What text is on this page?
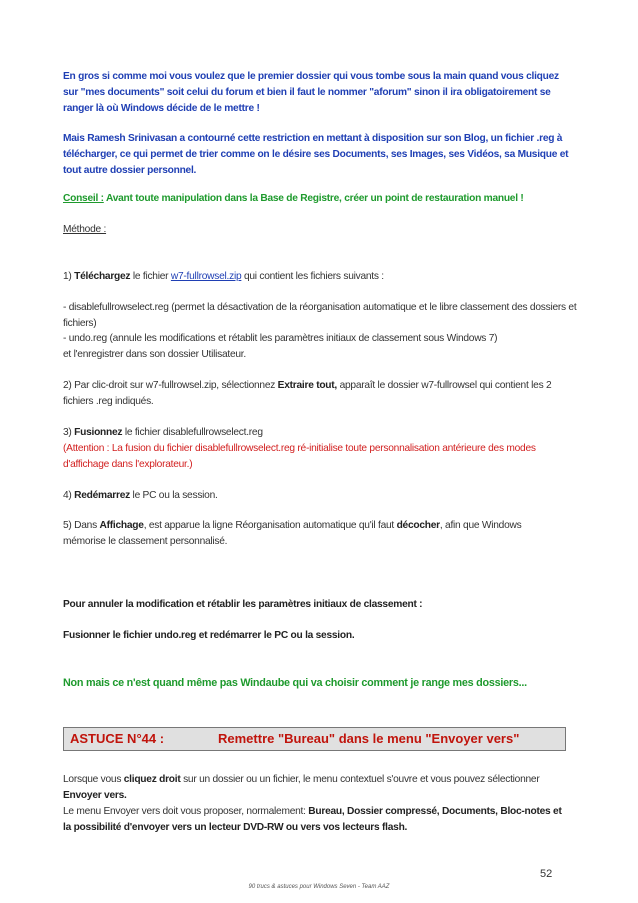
En gros si comme moi vous voulez que le premier dossier qui vous tombe sous la main quand vous cliquez sur "mes documents" soit celui du forum et bien il faut le nommer "aforum" sinon il ira obligatoirement se ranger là où Windows décide de le mettre !

Mais Ramesh Srinivasan a contourné cette restriction en mettant à disposition sur son Blog, un fichier .reg à télécharger, ce qui permet de trier comme on le désire ses Documents, ses Images, ses Vidéos, sa Musique et tout autre dossier personnel.

Conseil : Avant toute manipulation dans la Base de Registre, créer un point de restauration manuel !

Méthode :

1) Téléchargez le fichier w7-fullrowsel.zip qui contient les fichiers suivants :

- disablefullrowselect.reg (permet la désactivation de la réorganisation automatique et le libre classement des dossiers et fichiers)

- undo.reg (annule les modifications et rétablit les paramètres initiaux de classement sous Windows 7)

et l'enregistrer dans son dossier Utilisateur.

2) Par clic-droit sur w7-fullrowsel.zip, sélectionnez Extraire tout, apparaît le dossier w7-fullrowsel qui contient les 2 fichiers .reg indiqués.

3) Fusionnez le fichier disablefullrowselect.reg

(Attention : La fusion du fichier disablefullrowselect.reg ré-initialise toute personnalisation antérieure des modes d'affichage dans l'explorateur.)

4) Redémarrez le PC ou la session.

5) Dans Affichage, est apparue la ligne Réorganisation automatique qu'il faut décocher, afin que Windows mémorise le classement personnalisé.

Pour annuler la modification et rétablir les paramètres initiaux de classement :

Fusionner le fichier undo.reg et redémarrer le PC ou la session.

Non mais ce n'est quand même pas Windaube qui va choisir comment je range mes dossiers...

ASTUCE N°44 :	Remettre "Bureau" dans le menu "Envoyer vers"

Lorsque vous cliquez droit sur un dossier ou un fichier, le menu contextuel s'ouvre et vous pouvez sélectionner Envoyer vers.

Le menu Envoyer vers doit vous proposer, normalement: Bureau, Dossier compressé, Documents, Bloc-notes et la possibilité d'envoyer vers un lecteur DVD-RW ou vers vos lecteurs flash.

52
90 trucs & astuces pour Windows Seven - Team AAZ
